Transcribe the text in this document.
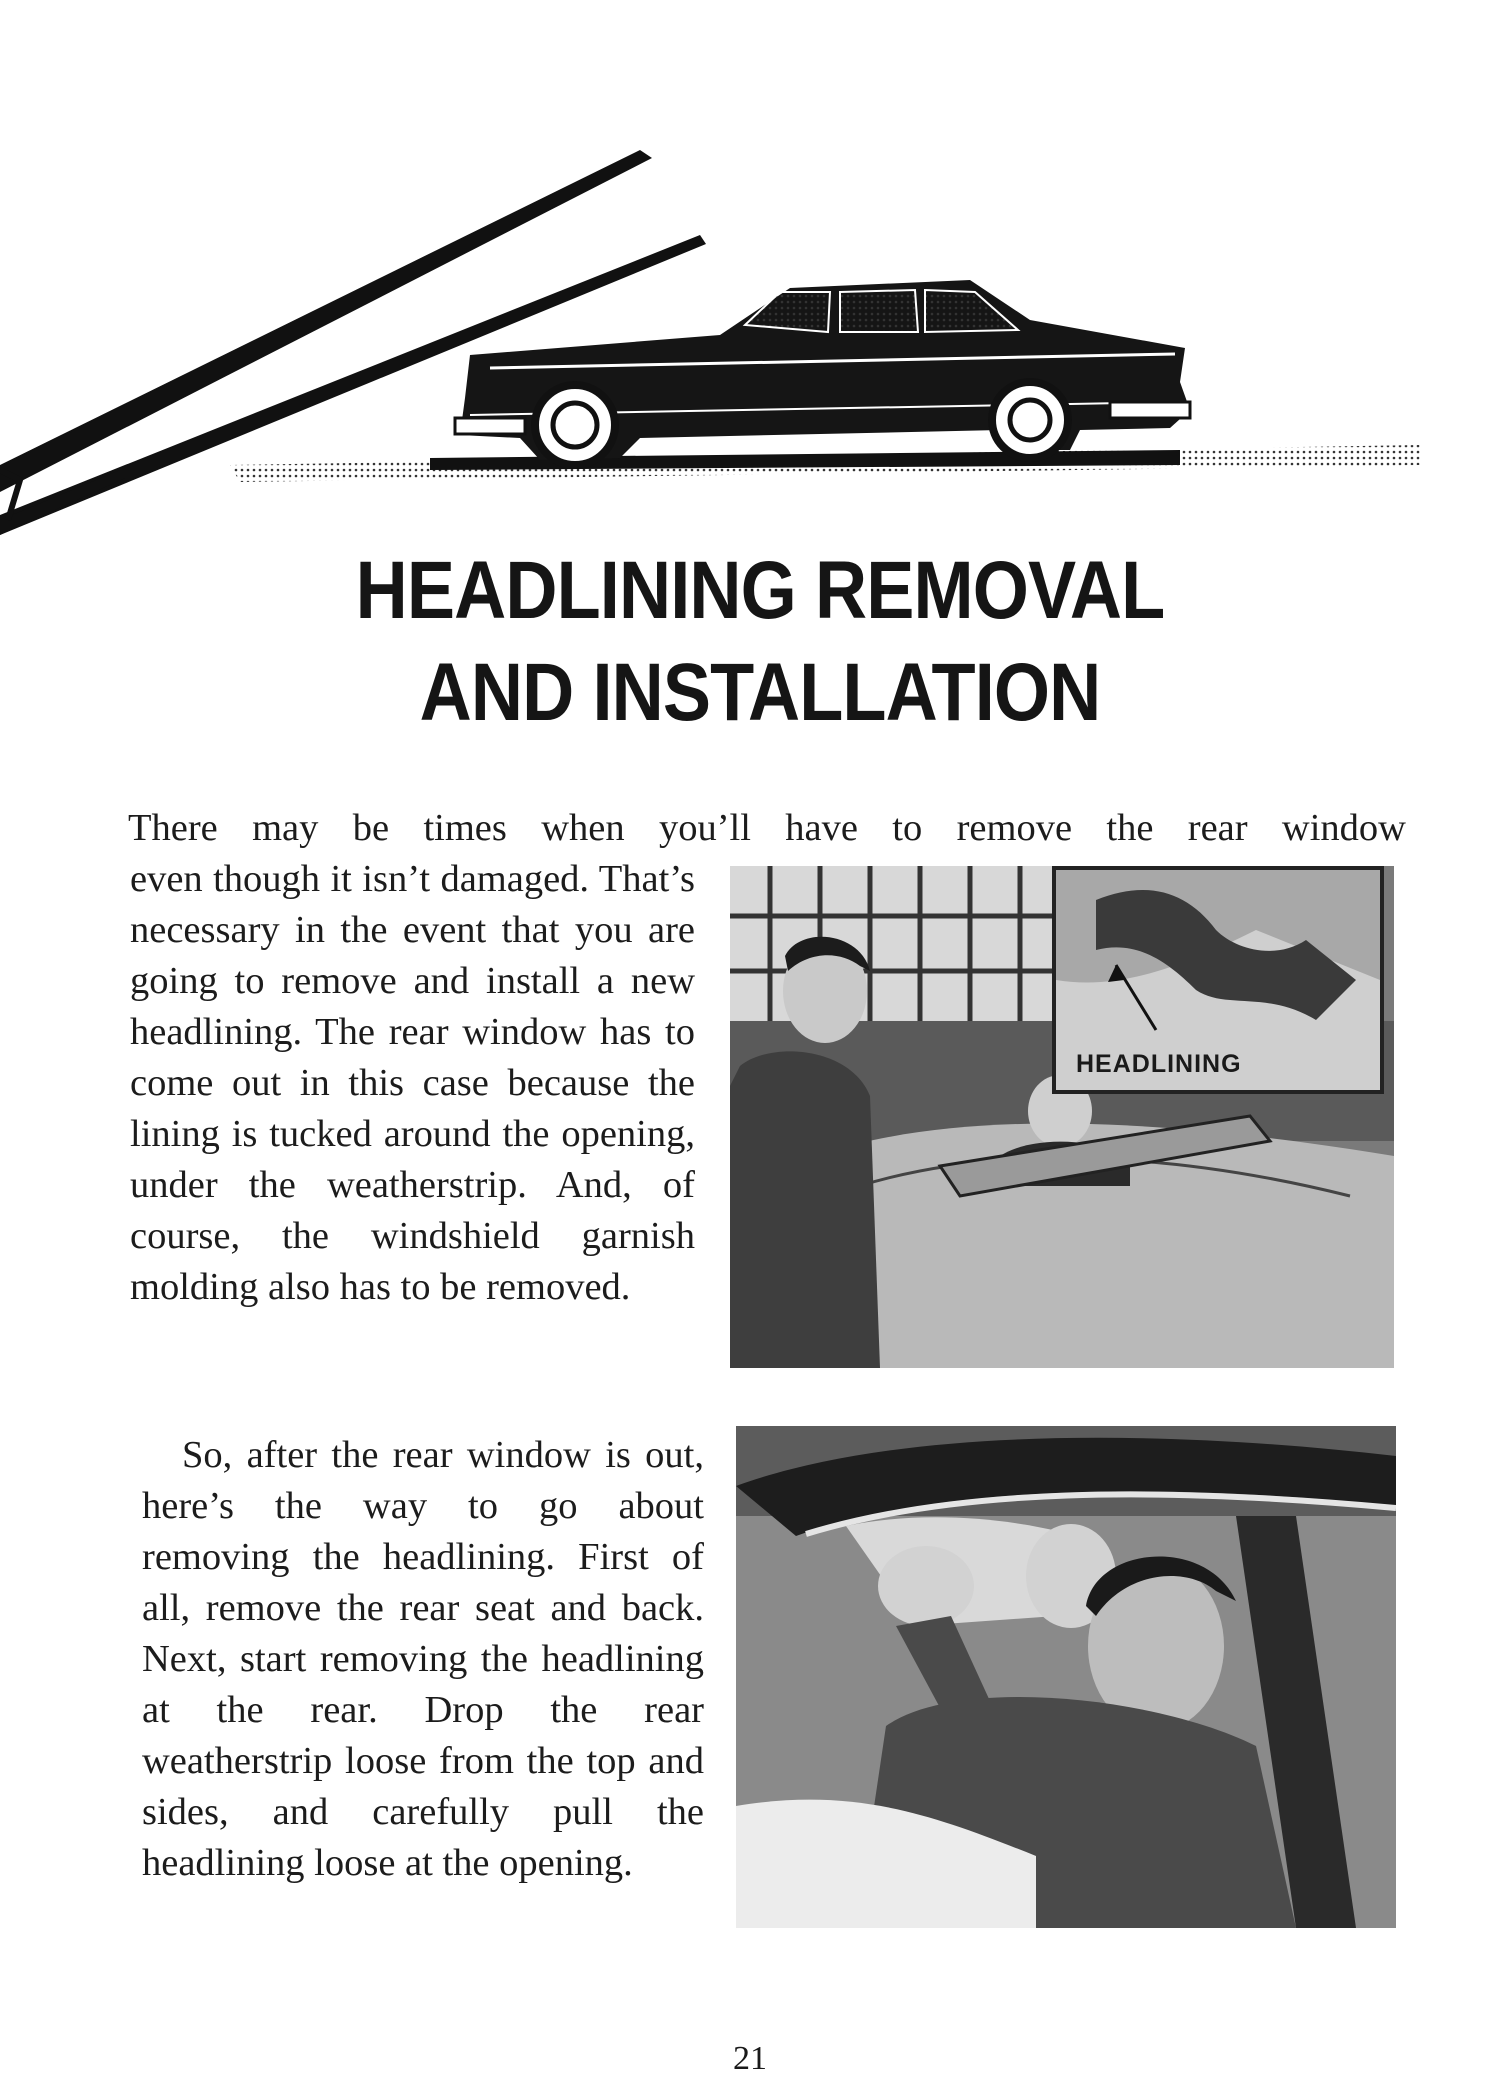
HEADLINING REMOVAL
AND INSTALLATION

There may be times when you’ll have to remove the rear window

even though it isn’t damaged. That’s necessary in the event that you are going to remove and install a new headlining. The rear window has to come out in this case because the lining is tucked around the opening, under the weatherstrip. And, of course, the windshield garnish molding also has to be removed.

HEADLINING

So, after the rear window is out, here’s the way to go about removing the headlining. First of all, remove the rear seat and back. Next, start removing the headlining at the rear. Drop the rear weatherstrip loose from the top and sides, and carefully pull the headlining loose at the opening.

21
